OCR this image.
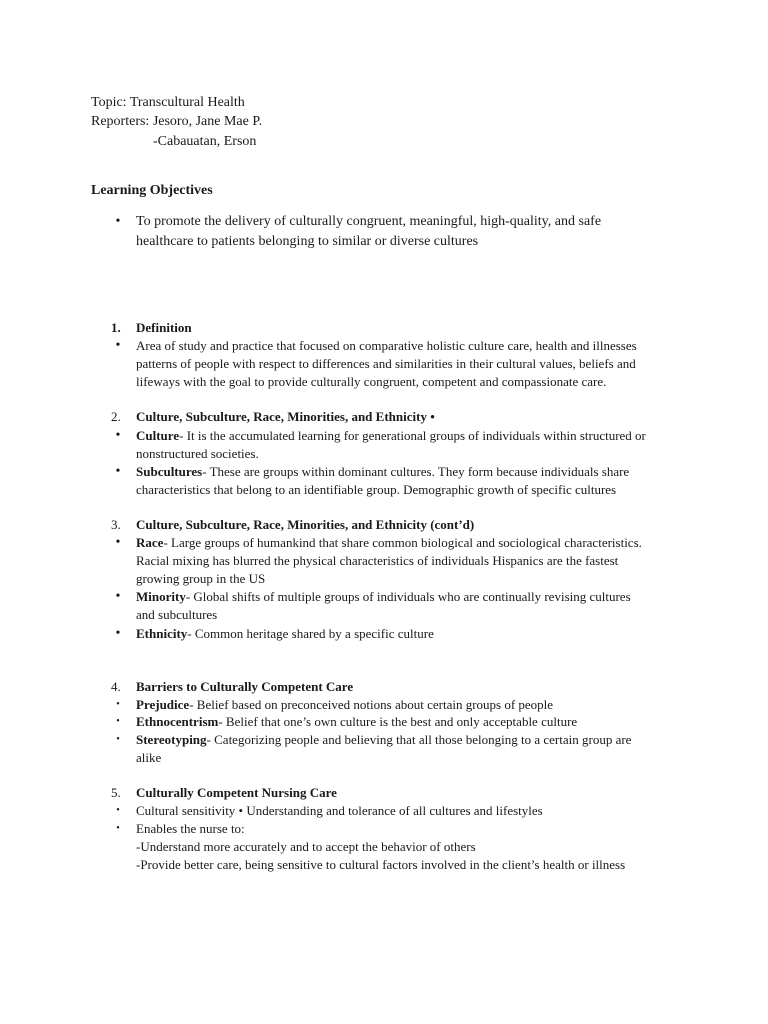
Topic: Transcultural Health
Reporters: Jesoro, Jane Mae P.
-Cabauatan, Erson
Learning Objectives
•	To promote the delivery of culturally congruent, meaningful, high-quality, and safe
healthcare to patients belonging to similar or diverse cultures
1. Definition
•	Area of study and practice that focused on comparative holistic culture care, health and illnesses
patterns of people with respect to differences and similarities in their cultural values, beliefs and
lifeways with the goal to provide culturally congruent, competent and compassionate care.
2. Culture, Subculture, Race, Minorities, and Ethnicity •
•	Culture- It is the accumulated learning for generational groups of individuals within structured or
nonstructured societies.
•	Subcultures- These are groups within dominant cultures. They form because individuals share
characteristics that belong to an identifiable group. Demographic growth of specific cultures
3. Culture, Subculture, Race, Minorities, and Ethnicity (cont’d)
•	Race- Large groups of humankind that share common biological and sociological characteristics.
Racial mixing has blurred the physical characteristics of individuals Hispanics are the fastest
growing group in the US
•	Minority- Global shifts of multiple groups of individuals who are continually revising cultures
and subcultures
•	Ethnicity- Common heritage shared by a specific culture
4. Barriers to Culturally Competent Care
•	Prejudice- Belief based on preconceived notions about certain groups of people
•	Ethnocentrism- Belief that one’s own culture is the best and only acceptable culture
•	Stereotyping- Categorizing people and believing that all those belonging to a certain group are
alike
5. Culturally Competent Nursing Care
•	Cultural sensitivity • Understanding and tolerance of all cultures and lifestyles
•	Enables the nurse to:
-Understand more accurately and to accept the behavior of others
-Provide better care, being sensitive to cultural factors involved in the client’s health or illness
